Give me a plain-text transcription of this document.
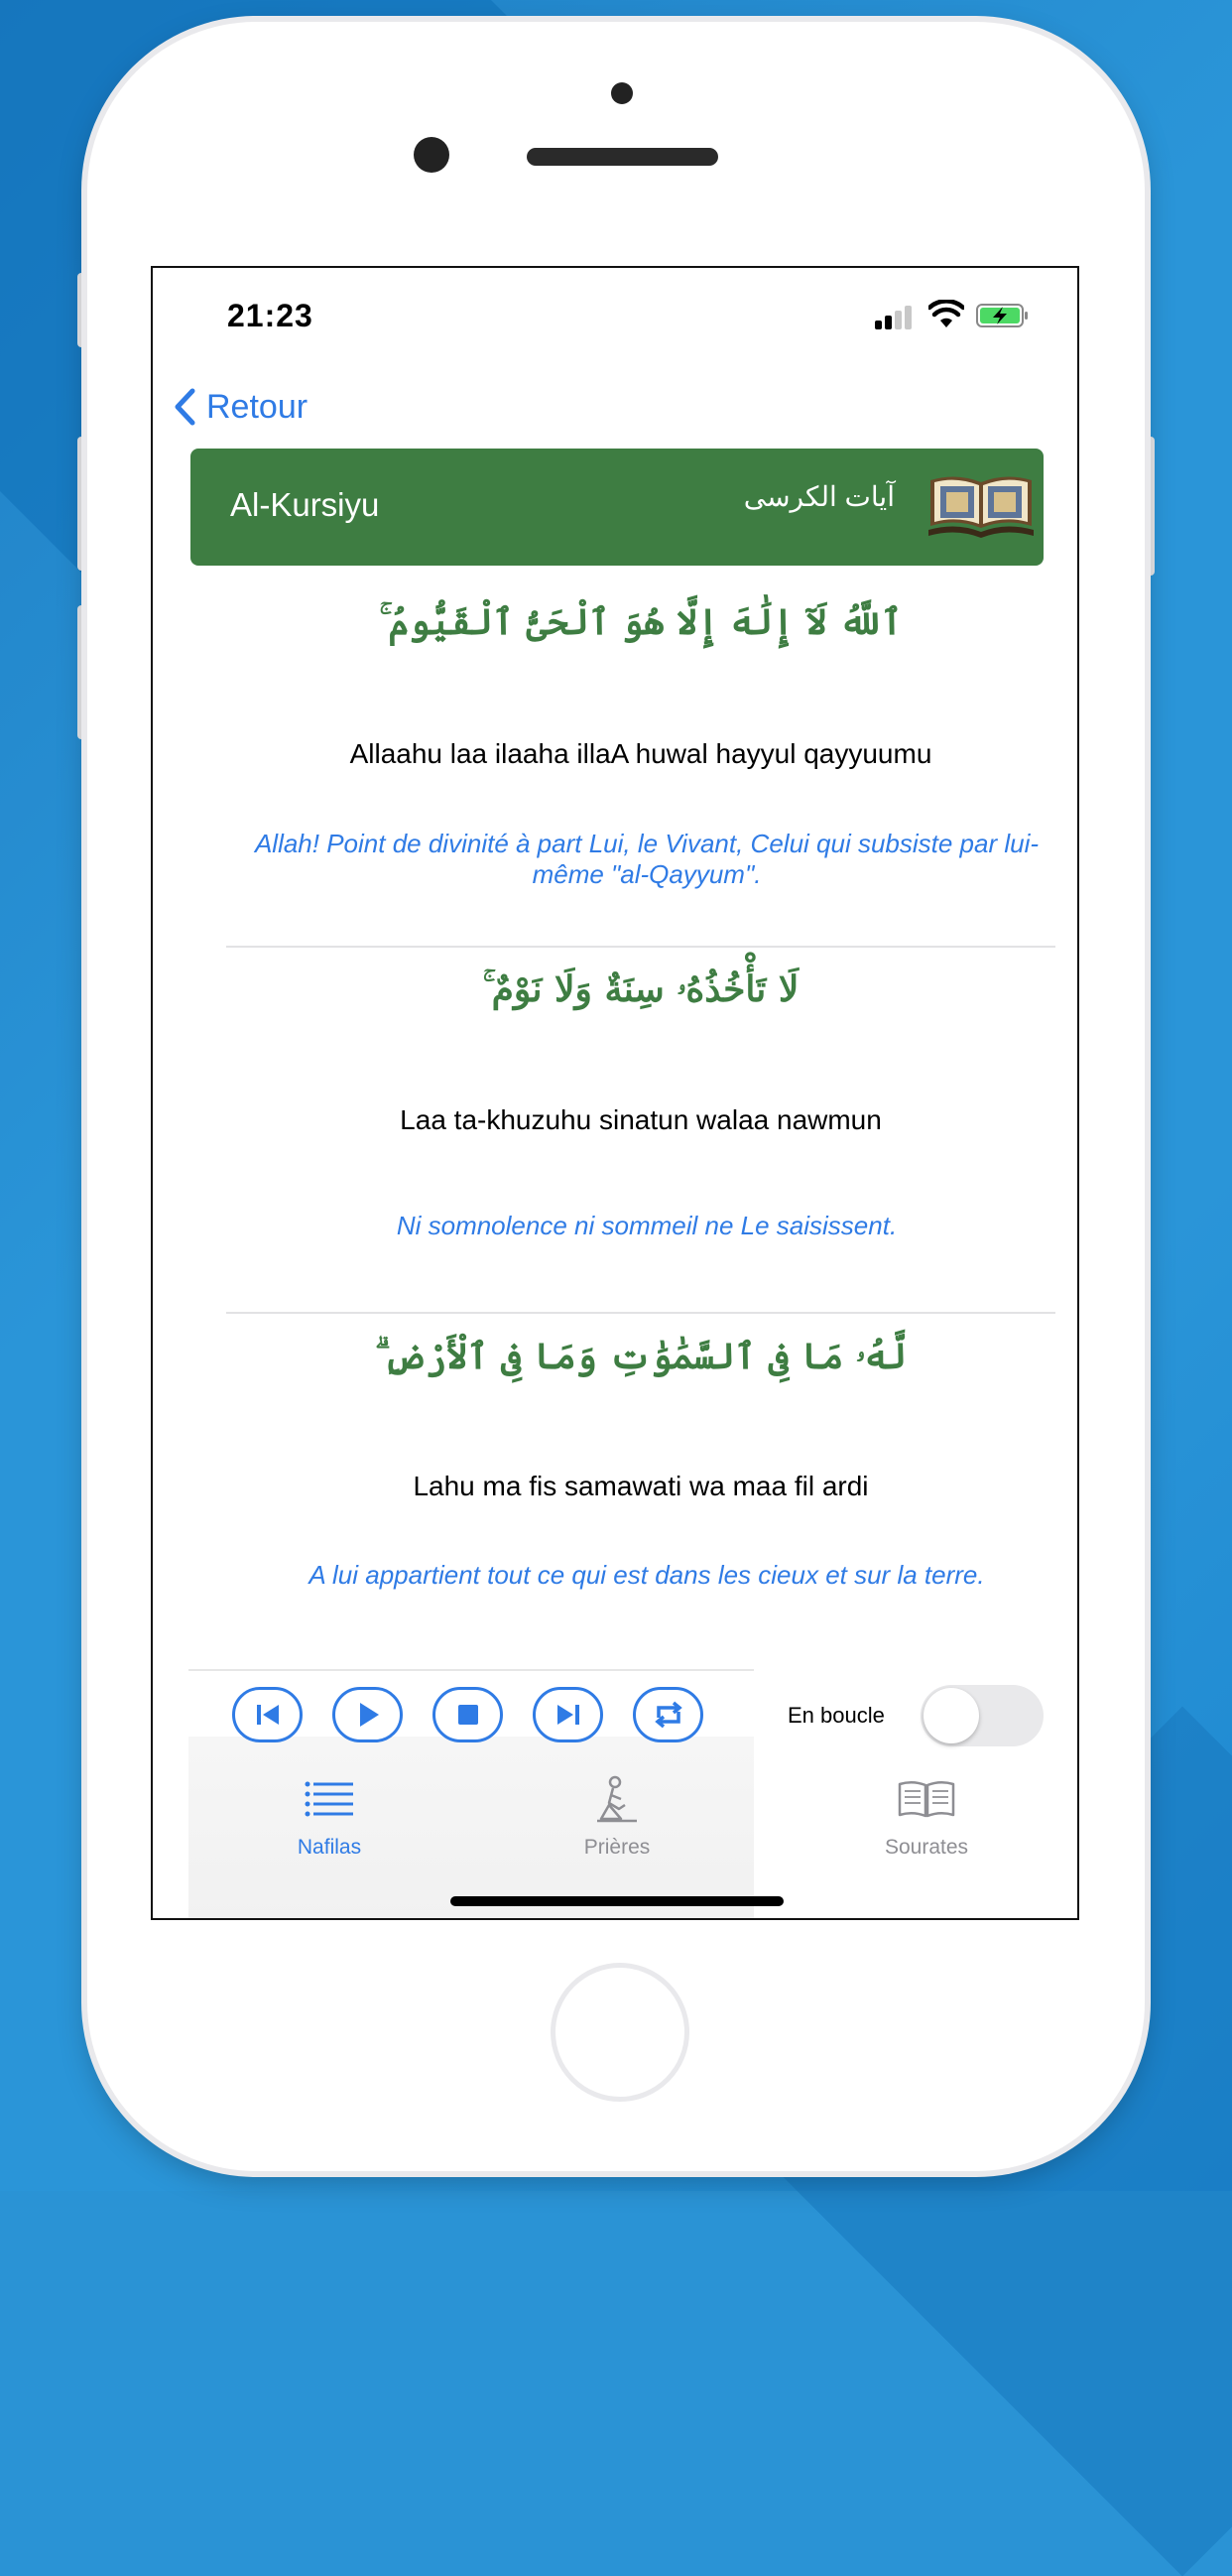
21:23
Retour
Al-Kursiyu	آيات الكرسى
ٱللَّهُ لَآ إِلَٰهَ إِلَّا هُوَ ٱلْحَىُّ ٱلْقَيُّومُ ۚ
Allaahu laa ilaaha illaA huwal hayyul qayyuumu
Allah! Point de divinité à part Lui, le Vivant, Celui qui subsiste par lui-même "al-Qayyum".
لَا تَأْخُذُهُۥ سِنَةٌ وَلَا نَوْمٌ ۚ
Laa ta-khuzuhu sinatun walaa nawmun
Ni somnolence ni sommeil ne Le saisissent.
لَّهُۥ مَا فِى ٱلسَّمَٰوَٰتِ وَمَا فِى ٱلْأَرْضِ ۗ
Lahu ma fis samawati wa maa fil ardi
A lui appartient tout ce qui est dans les cieux et sur la terre.
En boucle
Nafilas	Prières	Sourates
